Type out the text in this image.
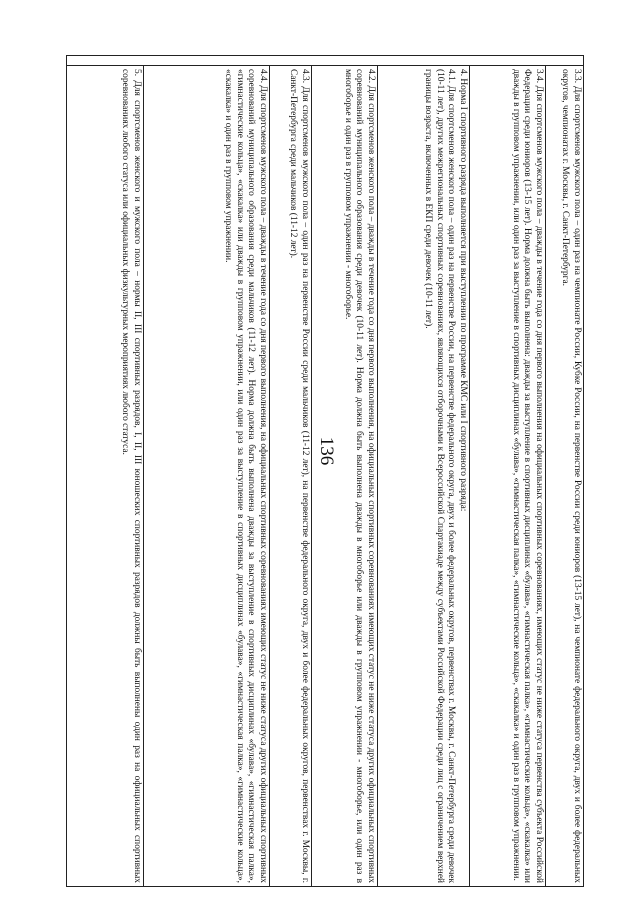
136	3.3. Для спортсменов мужского пола – один раз на чемпионате России, Кубке России, на первенстве России среди юниоров (13-15 лет), на чемпионате федерального округа, двух и более федеральных округов, чемпионатах г. Москвы, г. Санкт-Петербурга.

3.4. Для спортсменов мужского пола – дважды в течение года со дня первого выполнения на официальных спортивных соревнованиях, имеющих статус не ниже статуса первенства субъекта Российской Федерации среди юниоров (13-15 лет). Норма должна быть выполнена: дважды за выступление в спортивных дисциплинах «булава», «гимнастическая палка», «гимнастические кольца», «скакалка» или дважды в групповом упражнении, или один раз за выступление в спортивных дисциплинах «булава», «гимнастическая палка», «гимнастические кольца», «скакалка» и один раз в групповом упражнении.

4. Норма I спортивного разряда выполняется при выступлении по программе КМС или I спортивного разряда:

4.1. Для спортсменов женского пола – один раз на первенстве России, на первенстве федерального округа, двух и более федеральных округов, первенствах г. Москвы, г. Санкт-Петербурга среди девочек (10-11 лет), других межрегиональных спортивных соревнованиях, являющихся отборочными к Всероссийской Спартакиаде между субъектами Российской Федерации среди лиц с ограничением верхней границы возраста, включенных в ЕКП среди девочек (10-11 лет).

4.2. Для спортсменов женского пола – дважды в течение года со дня первого выполнения, на официальных спортивных соревнованиях имеющих статус не ниже статуса других официальных спортивных соревнований муниципального образования среди девочек (10-11 лет). Норма должна быть выполнена дважды в многоборье или дважды в групповом упражнении - многоборье, или один раз в многоборье и один раз в групповом упражнении - многоборье.

4.3. Для спортсменов мужского пола – один раз на первенстве России среди мальчиков (11-12 лет), на первенстве федерального округа, двух и более федеральных округов, первенствах г. Москвы, г. Санкт-Петербурга среди мальчиков (11-12 лет).

4.4. Для спортсменов мужского пола – дважды в течение года со дня первого выполнения, на официальных спортивных соревнованиях имеющих статус не ниже статуса других официальных спортивных соревнований муниципального образования среди мальчиков (11-12 лет). Норма должна быть выполнена дважды за выступление в спортивных дисциплинах «булава», «гимнастическая палка», «гимнастические кольца», «скакалка» или дважды в групповом упражнении, или один раз за выступление в спортивных дисциплинах «булава», «гимнастическая палка», «гимнастические кольца», «скакалка» и один раз в групповом упражнении.

5. Для спортсменов женского и мужского пола – нормы II, III спортивных разрядов, I, II, III юношеских спортивных разрядов должны быть выполнены один раз на официальных спортивных соревнованиях любого статуса или официальных физкультурных мероприятиях любого статуса.
